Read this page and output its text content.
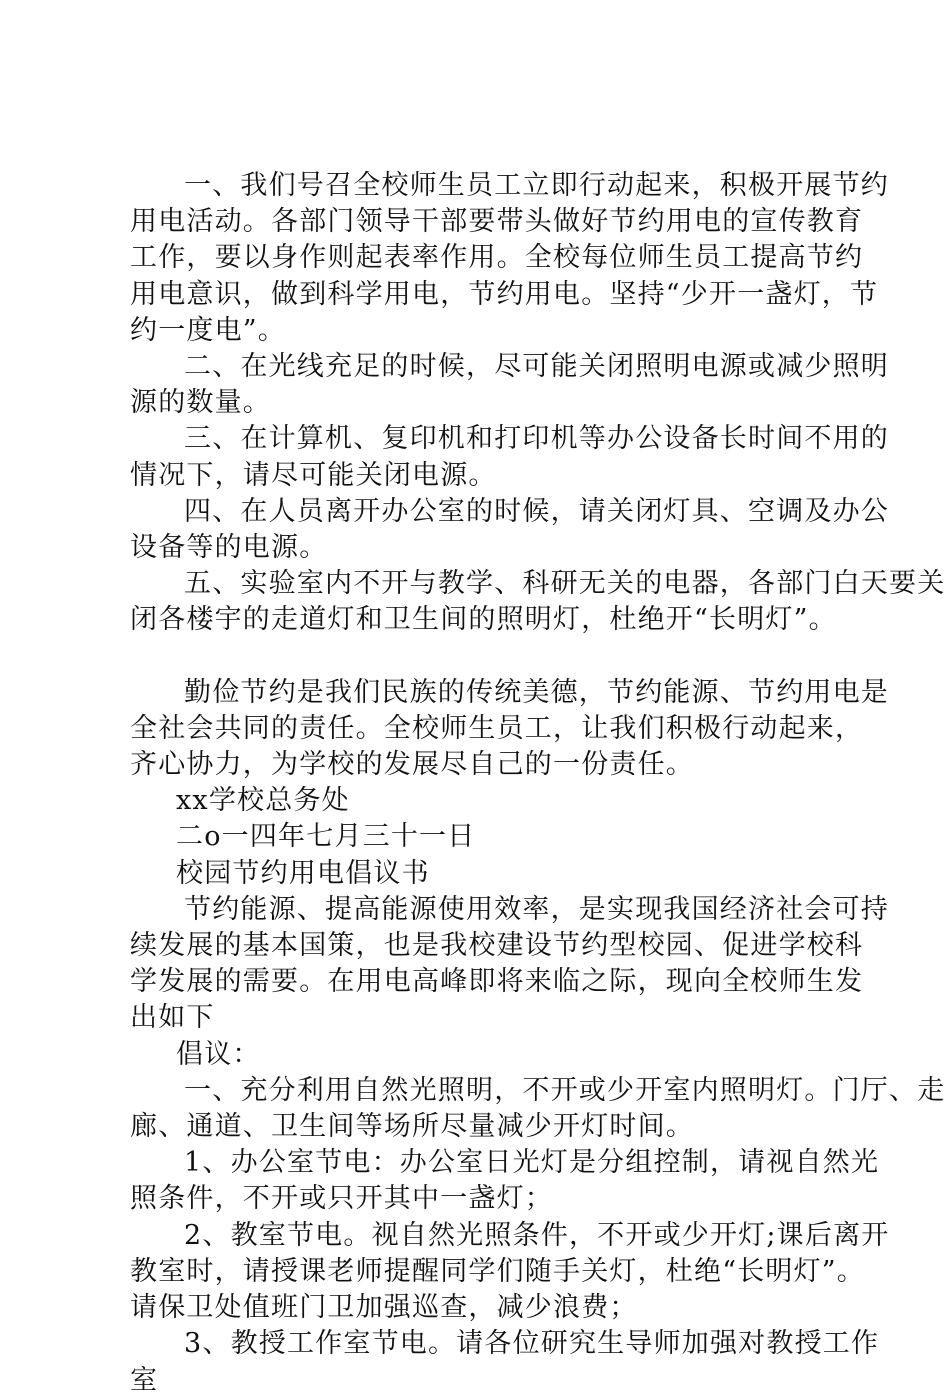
一、我们号召全校师生员工立即行动起来，积极开展节约用电活动。各部门领导干部要带头做好节约用电的宣传教育工作，要以身作则起表率作用。全校每位师生员工提高节约用电意识，做到科学用电，节约用电。坚持“少开一盏灯，节约一度电”。

二、在光线充足的时候，尽可能关闭照明电源或减少照明源的数量。

三、在计算机、复印机和打印机等办公设备长时间不用的情况下，请尽可能关闭电源。

四、在人员离开办公室的时候，请关闭灯具、空调及办公设备等的电源。

五、实验室内不开与教学、科研无关的电器，各部门白天要关闭各楼宇的走道灯和卫生间的照明灯，杜绝开“长明灯”。

勤俭节约是我们民族的传统美德，节约能源、节约用电是全社会共同的责任。全校师生员工，让我们积极行动起来，齐心协力，为学校的发展尽自己的一份责任。

xx学校总务处

二o一四年七月三十一日

校园节约用电倡议书

节约能源、提高能源使用效率，是实现我国经济社会可持续发展的基本国策，也是我校建设节约型校园、促进学校科学发展的需要。在用电高峰即将来临之际，现向全校师生发出如下

倡议：

一、充分利用自然光照明，不开或少开室内照明灯。门厅、走廊、通道、卫生间等场所尽量减少开灯时间。

1、办公室节电：办公室日光灯是分组控制，请视自然光照条件，不开或只开其中一盏灯；

2、教室节电。视自然光照条件，不开或少开灯;课后离开教室时，请授课老师提醒同学们随手关灯，杜绝“长明灯”。请保卫处值班门卫加强巡查，减少浪费；

3、教授工作室节电。请各位研究生导师加强对教授工作室
